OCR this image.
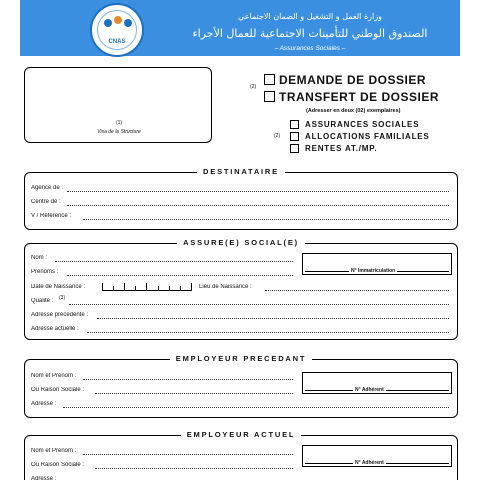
CNAS
وزارة العمل و التشغيل و الضمان الاجتماعي
الصندوق الوطني للتأمينات الاجتماعية للعمال الأجراء
– Assurances Sociales –
(1)
Visa de la Structure
(2) DEMANDE DE DOSSIER
TRANSFERT DE DOSSIER
(Adresser en deux (02) exemplaires)
(2)
ASSURANCES SOCIALES
ALLOCATIONS FAMILIALES
RENTES AT./MP.
DESTINATAIRE
Agence de :
Centre de :
V / Référence :
ASSURE(E) SOCIAL(E)
Nom :
Prénoms :	N° Immatriculation
Date de Naissance :	Lieu de Naissance :
Qualité : (3)
Adresse précédente :
Adresse actuelle :
EMPLOYEUR PRECEDANT
Nom et Prénom :
Ou Raison Sociale :
Adresse :
N° Adhérent
EMPLOYEUR ACTUEL
Nom et Prénom :
Ou Raison Sociale :
Adresse :
N° Adhérent
